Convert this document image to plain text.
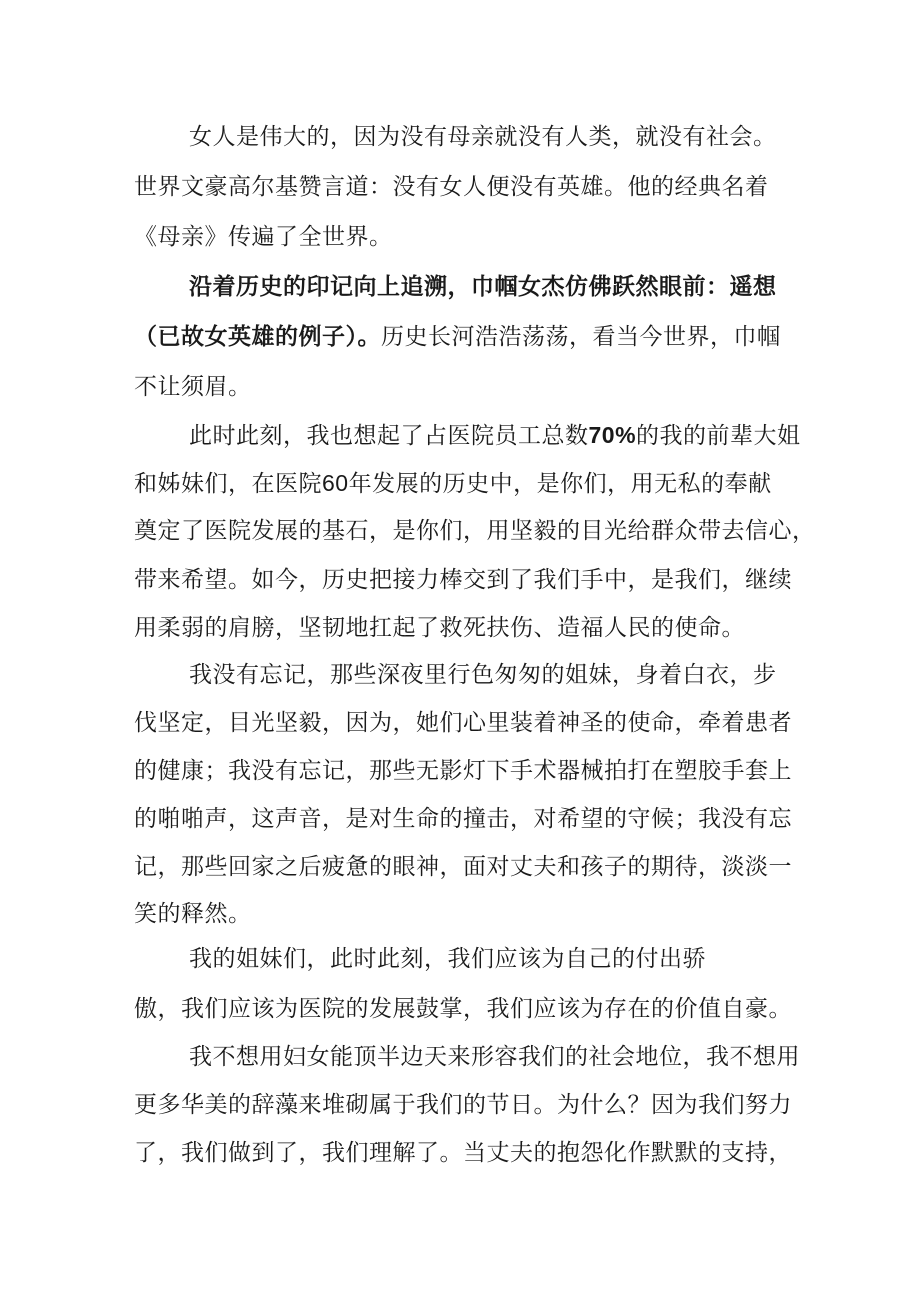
女人是伟大的，因为没有母亲就没有人类，就没有社会。
世界文豪高尔基赞言道：没有女人便没有英雄。他的经典名着
《母亲》传遍了全世界。
沿着历史的印记向上追溯，巾帼女杰仿佛跃然眼前：遥想
（已故女英雄的例子）。历史长河浩浩荡荡，看当今世界，巾帼
不让须眉。
此时此刻，我也想起了占医院员工总数70%的我的前辈大姐
和姊妹们，在医院60年发展的历史中，是你们，用无私的奉献
奠定了医院发展的基石，是你们，用坚毅的目光给群众带去信心，
带来希望。如今，历史把接力棒交到了我们手中，是我们，继续
用柔弱的肩膀，坚韧地扛起了救死扶伤、造福人民的使命。
我没有忘记，那些深夜里行色匆匆的姐妹，身着白衣，步
伐坚定，目光坚毅，因为，她们心里装着神圣的使命，牵着患者
的健康；我没有忘记，那些无影灯下手术器械拍打在塑胶手套上
的啪啪声，这声音，是对生命的撞击，对希望的守候；我没有忘
记，那些回家之后疲惫的眼神，面对丈夫和孩子的期待，淡淡一
笑的释然。
我的姐妹们，此时此刻，我们应该为自己的付出骄
傲，我们应该为医院的发展鼓掌，我们应该为存在的价值自豪。
我不想用妇女能顶半边天来形容我们的社会地位，我不想用
更多华美的辞藻来堆砌属于我们的节日。为什么？因为我们努力
了，我们做到了，我们理解了。当丈夫的抱怨化作默默的支持，
